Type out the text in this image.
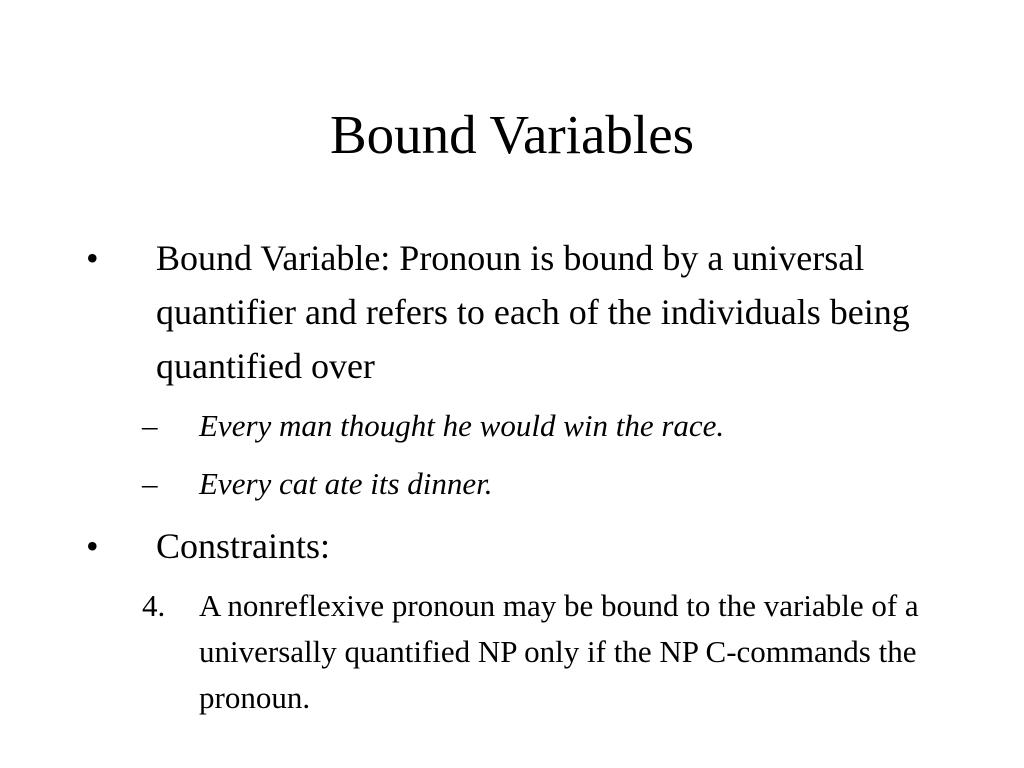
Bound Variables
• Bound Variable: Pronoun is bound by a universal quantifier and refers to each of the individuals being quantified over
– Every man thought he would win the race.
– Every cat ate its dinner.
• Constraints:
4. A nonreflexive pronoun may be bound to the variable of a universally quantified NP only if the NP C-commands the pronoun.
